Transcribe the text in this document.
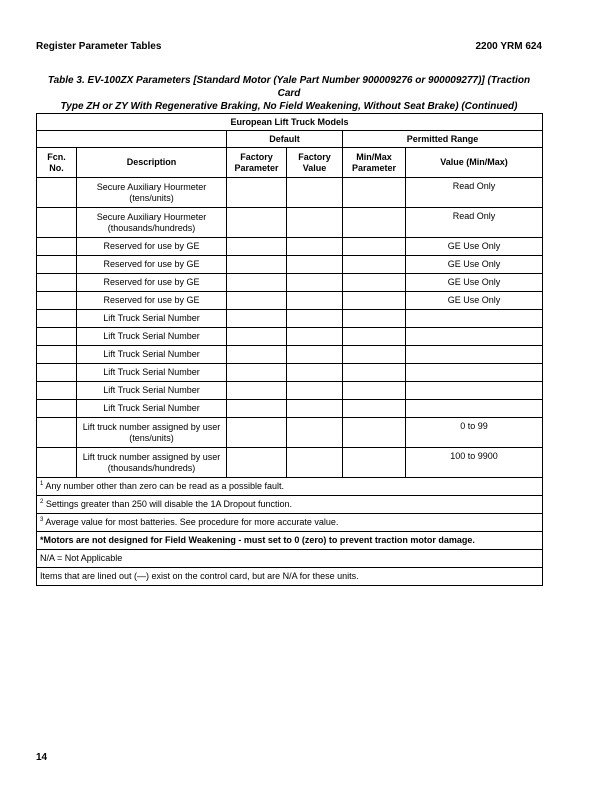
Register Parameter Tables	2200 YRM 624
Table 3. EV-100ZX Parameters [Standard Motor (Yale Part Number 900009276 or 900009277)] (Traction Card
Type ZH or ZY With Regenerative Braking, No Field Weakening, Without Seat Brake) (Continued)
European Lift Truck Models					
		Default		Permitted Range	
Fcn. No.	Description	Factory Parameter	Factory Value	Min/Max Parameter	Value (Min/Max)
	Secure Auxiliary Hourmeter (tens/units)				Read Only
	Secure Auxiliary Hourmeter (thousands/hundreds)				Read Only
	Reserved for use by GE				GE Use Only
	Reserved for use by GE				GE Use Only
	Reserved for use by GE				GE Use Only
	Reserved for use by GE				GE Use Only
	Lift Truck Serial Number				
	Lift Truck Serial Number				
	Lift Truck Serial Number				
	Lift Truck Serial Number				
	Lift Truck Serial Number				
	Lift Truck Serial Number				
	Lift truck number assigned by user (tens/units)				0 to 99
	Lift truck number assigned by user (thousands/hundreds)				100 to 9900
$^1$ Any number other than zero can be read as a possible fault.					
$^2$ Settings greater than 250 will disable the 1A Dropout function.					
$^3$ Average value for most batteries. See procedure for more accurate value.					
*Motors are not designed for Field Weakening - must set to 0 (zero) to prevent traction motor damage.					
N/A = Not Applicable					
Items that are lined out (—) exist on the control card, but are N/A for these units.					
14
